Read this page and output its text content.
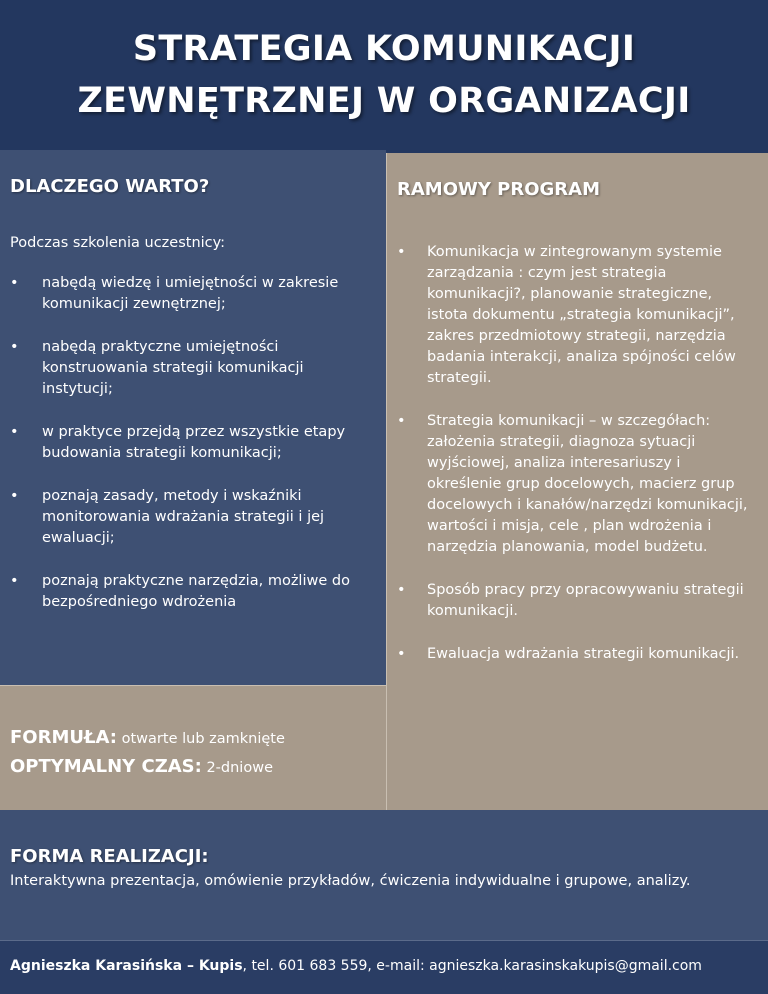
STRATEGIA KOMUNIKACJI ZEWNĘTRZNEJ W ORGANIZACJI
DLACZEGO WARTO?
Podczas szkolenia uczestnicy:
• nabędą wiedzę i umiejętności w zakresie komunikacji zewnętrznej;
• nabędą praktyczne umiejętności konstruowania strategii komunikacji instytucji;
• w praktyce przejdą przez wszystkie etapy budowania strategii komunikacji;
• poznają zasady, metody i wskaźniki monitorowania wdrażania strategii i jej ewaluacji;
• poznają praktyczne narzędzia, możliwe do bezpośredniego wdrożenia
FORMUŁA: otwarte lub zamknięte
OPTYMALNY CZAS: 2-dniowe
RAMOWY PROGRAM
• Komunikacja w zintegrowanym systemie zarządzania : czym jest strategia komunikacji?, planowanie strategiczne, istota dokumentu „strategia komunikacji”, zakres przedmiotowy strategii, narzędzia badania interakcji, analiza spójności celów strategii.
• Strategia komunikacji – w szczegółach: założenia strategii, diagnoza sytuacji wyjściowej, analiza interesariuszy i określenie grup docelowych, macierz grup docelowych i kanałów/narzędzi komunikacji, wartości i misja, cele , plan wdrożenia i narzędzia planowania, model budżetu.
• Sposób pracy przy opracowywaniu strategii komunikacji.
• Ewaluacja wdrażania strategii komunikacji.
FORMA REALIZACJI:
Interaktywna prezentacja, omówienie przykładów, ćwiczenia indywidualne i grupowe, analizy.
Agnieszka Karasińska – Kupis, tel. 601 683 559, e-mail: agnieszka.karasinskakupis@gmail.com
